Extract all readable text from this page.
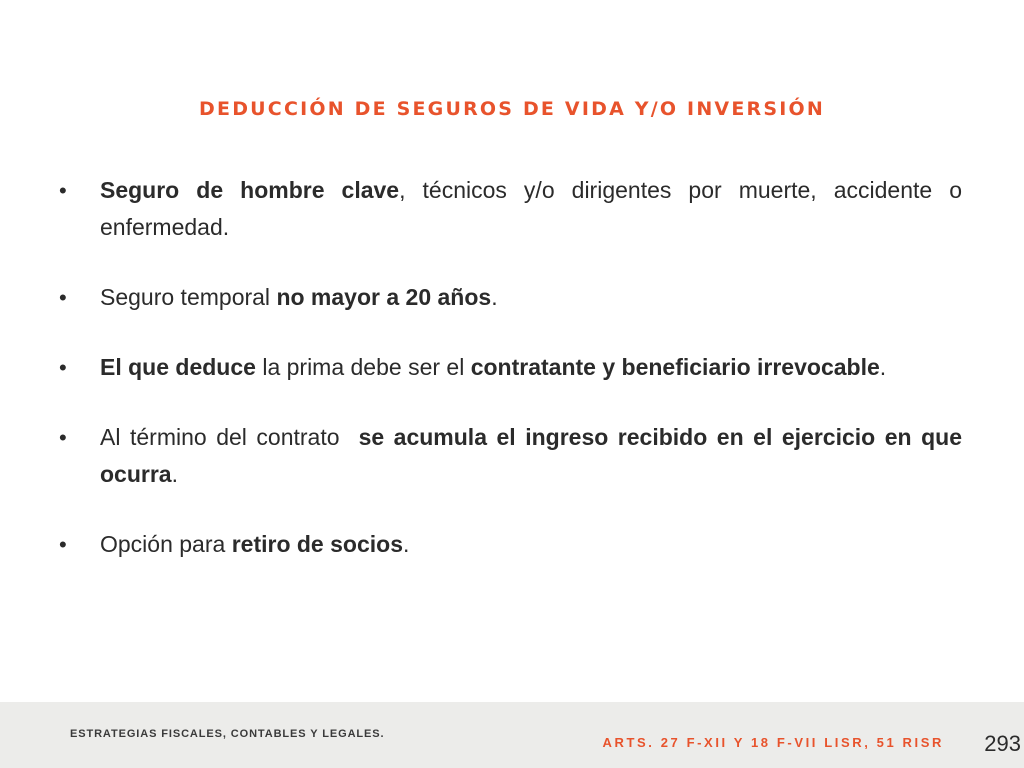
DEDUCCIÓN DE SEGUROS DE VIDA Y/O INVERSIÓN
• Seguro de hombre clave, técnicos y/o dirigentes por muerte, accidente o enfermedad.
• Seguro temporal no mayor a 20 años.
• El que deduce la prima debe ser el contratante y beneficiario irrevocable.
• Al término del contrato  se acumula el ingreso recibido en el ejercicio en que ocurra.
• Opción para retiro de socios.
ESTRATEGIAS FISCALES, CONTABLES Y LEGALES.
ARTS. 27 F-XII Y 18 F-VII LISR, 51 RISR 293
